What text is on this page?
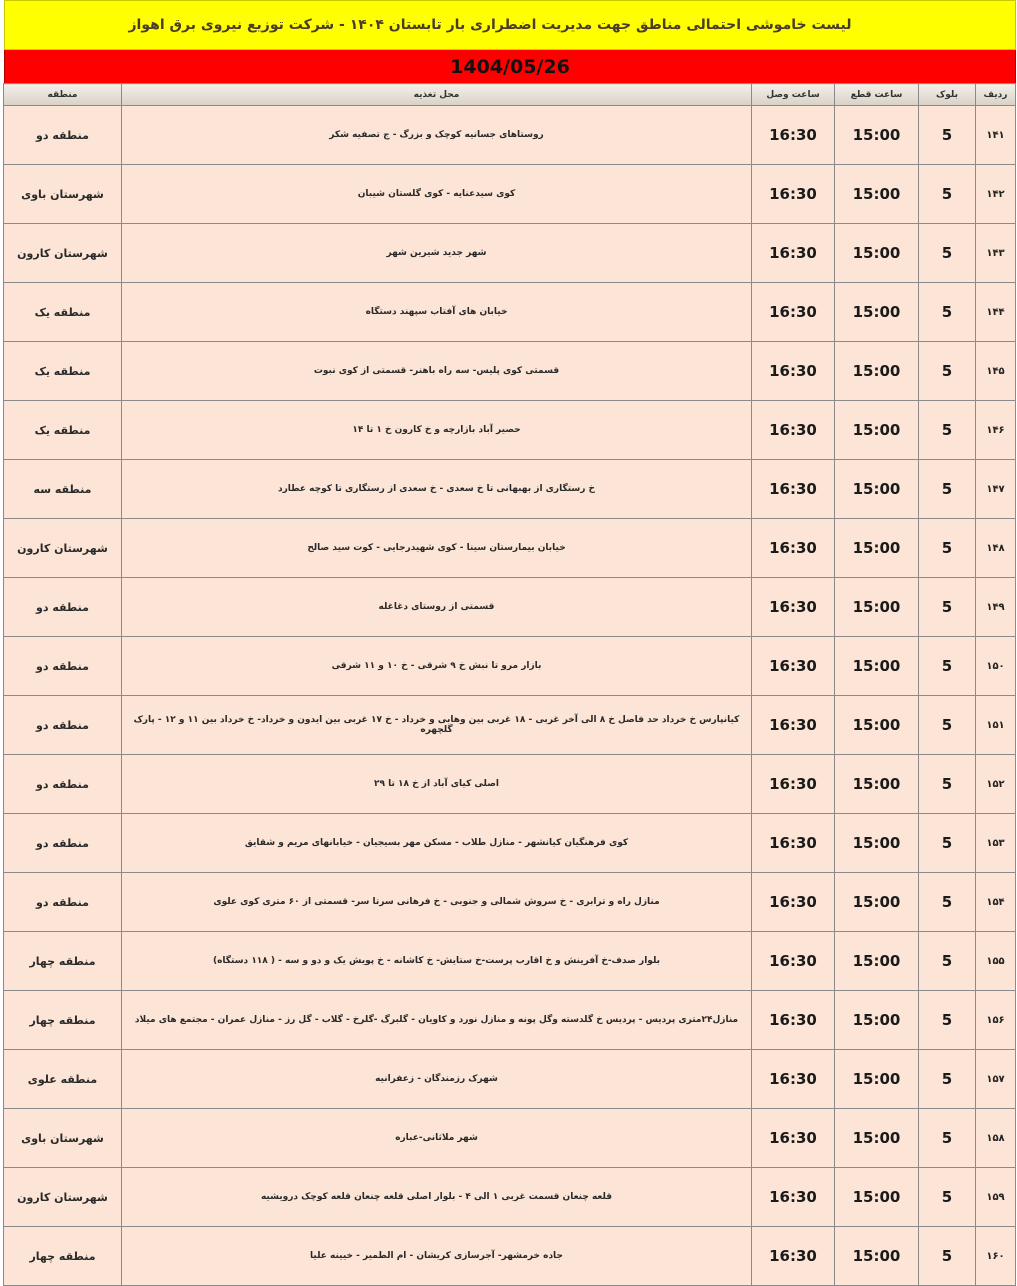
لیست خاموشی احتمالی مناطق جهت مدیریت اضطراری بار تابستان ۱۴۰۴ - شرکت توزیع نیروی برق اهواز
1404/05/26
ردیف	بلوک	ساعت قطع	ساعت وصل	محل تغذیه	منطقه
۱۴۱	5	15:00	16:30	روستاهای جسانیه کوچک و بزرگ - ج تصفیه شکر	منطقه دو
۱۴۲	5	15:00	16:30	کوی سیدعنایه - کوی گلستان شیبان	شهرستان باوی
۱۴۳	5	15:00	16:30	شهر جدید شیرین شهر	شهرستان کارون
۱۴۴	5	15:00	16:30	خیابان های آفتاب سپهند دستگاه	منطقه یک
۱۴۵	5	15:00	16:30	قسمتی کوی پلیس- سه راه باهنر- قسمتی از کوی نبوت	منطقه یک
۱۴۶	5	15:00	16:30	حصیر آباد بازارچه و خ کارون خ ۱ تا ۱۴	منطقه یک
۱۴۷	5	15:00	16:30	خ رستگاری از بهبهانی تا خ سعدی - خ سعدی از رستگاری تا کوچه عطارد	منطقه سه
۱۴۸	5	15:00	16:30	خیابان بیمارستان سینا - کوی شهیدرجایی - کوت سید صالح	شهرستان کارون
۱۴۹	5	15:00	16:30	قسمتی از روستای دغاغله	منطقه دو
۱۵۰	5	15:00	16:30	بازار مرو تا نبش خ ۹ شرقی - خ ۱۰ و ۱۱ شرقی	منطقه دو
۱۵۱	5	15:00	16:30	کیانپارس خ خرداد حد فاصل خ ۸ الی آخر غربی - ۱۸ غربی بین وهابی و خرداد - خ ۱۷ غربی بین ایدون و خرداد- خ خرداد بین ۱۱ و ۱۲ - پارک گلچهره	منطقه دو
۱۵۲	5	15:00	16:30	اصلی کیای آباد از خ ۱۸ تا ۲۹	منطقه دو
۱۵۳	5	15:00	16:30	کوی فرهنگیان کیانشهر - منازل طلاب - مسکن مهر بسیجیان - خیابانهای مریم و شقایق	منطقه دو
۱۵۴	5	15:00	16:30	منازل راه و ترابری - خ سروش شمالی و جنوبی - خ فرهانی سرتا سر- قسمتی از ۶۰ متری کوی علوی	منطقه دو
۱۵۵	5	15:00	16:30	بلوار صدف-خ آفرینش و خ اقارب پرست-خ ستایش- خ کاشانه - خ پویش یک و دو و سه - ( ۱۱۸ دستگاه)	منطقه چهار
۱۵۶	5	15:00	16:30	منازل۲۴متری پردیس - پردیس خ گلدسته وگل پونه و منازل نورد و کاویان - گلبرگ -گلرخ - گلاب - گل رز - منازل عمران - مجتمع های میلاد	منطقه چهار
۱۵۷	5	15:00	16:30	شهرک رزمندگان - زعفرانیه	منطقه علوی
۱۵۸	5	15:00	16:30	شهر ملاثانی-عباره	شهرستان باوی
۱۵۹	5	15:00	16:30	قلعه چنعان قسمت غربی ۱ الی ۴ - بلوار اصلی قلعه چنعان قلعه کوچک درویشیه	شهرستان کارون
۱۶۰	5	15:00	16:30	جاده خرمشهر- آجرسازی کریشان - ام الطمیر - خیینه علیا	منطقه چهار
